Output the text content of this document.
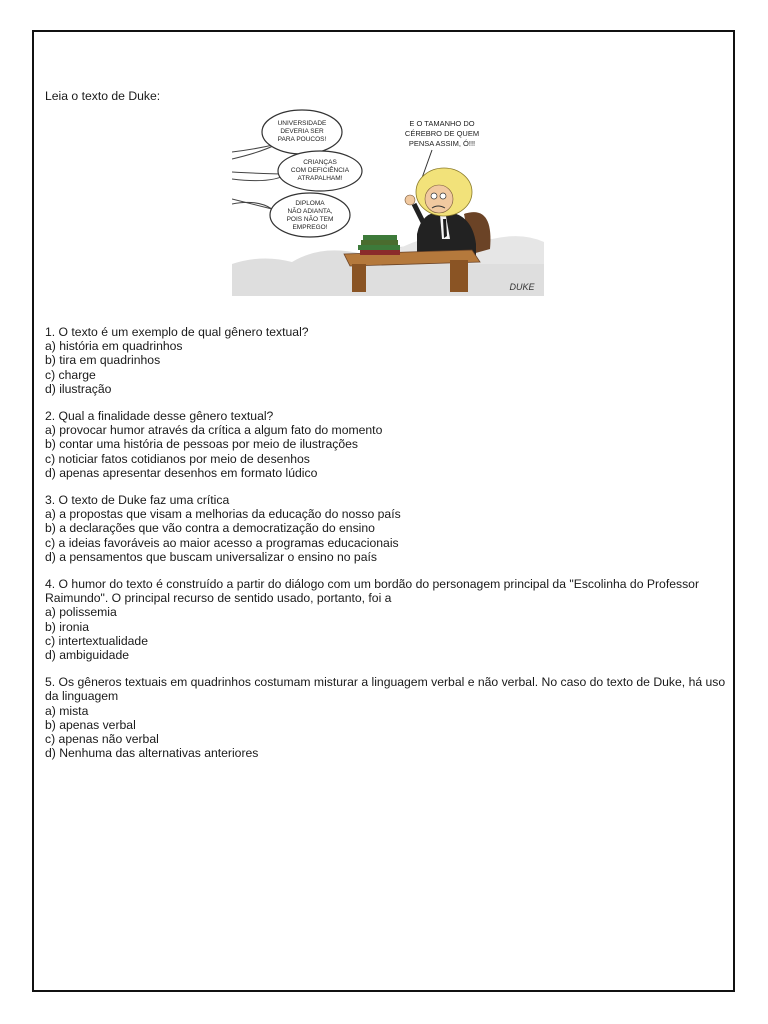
Leia o texto de Duke:

UNIVERSIDADE
DEVERIA SER
PARA POUCOS!
CRIANÇAS
COM DEFICIÊNCIA
ATRAPALHAM!
DIPLOMA
NÃO ADIANTA,
POIS NÃO TEM
EMPREGO!
E O TAMANHO DO
CÉREBRO DE QUEM
PENSA ASSIM, Ó!!!
DUKE
1. O texto é um exemplo de qual gênero textual?
a) história em quadrinhos
b) tira em quadrinhos
c) charge
d) ilustração
2. Qual a finalidade desse gênero textual?
a) provocar humor através da crítica a algum fato do momento
b) contar uma história de pessoas por meio de ilustrações
c) noticiar fatos cotidianos por meio de desenhos
d) apenas apresentar desenhos em formato lúdico
3. O texto de Duke faz uma crítica
a) a propostas que visam a melhorias da educação do nosso país
b) a declarações que vão contra a democratização do ensino
c) a ideias favoráveis ao maior acesso a programas educacionais
d) a pensamentos que buscam universalizar o ensino no país
4. O humor do texto é construído a partir do diálogo com um bordão do personagem principal da "Escolinha do Professor Raimundo". O principal recurso de sentido usado, portanto, foi a
a) polissemia
b) ironia
c) intertextualidade
d) ambiguidade
5. Os gêneros textuais em quadrinhos costumam misturar a linguagem verbal e não verbal. No caso do texto de Duke, há uso da linguagem
a) mista
b) apenas verbal
c) apenas não verbal
d) Nenhuma das alternativas anteriores
